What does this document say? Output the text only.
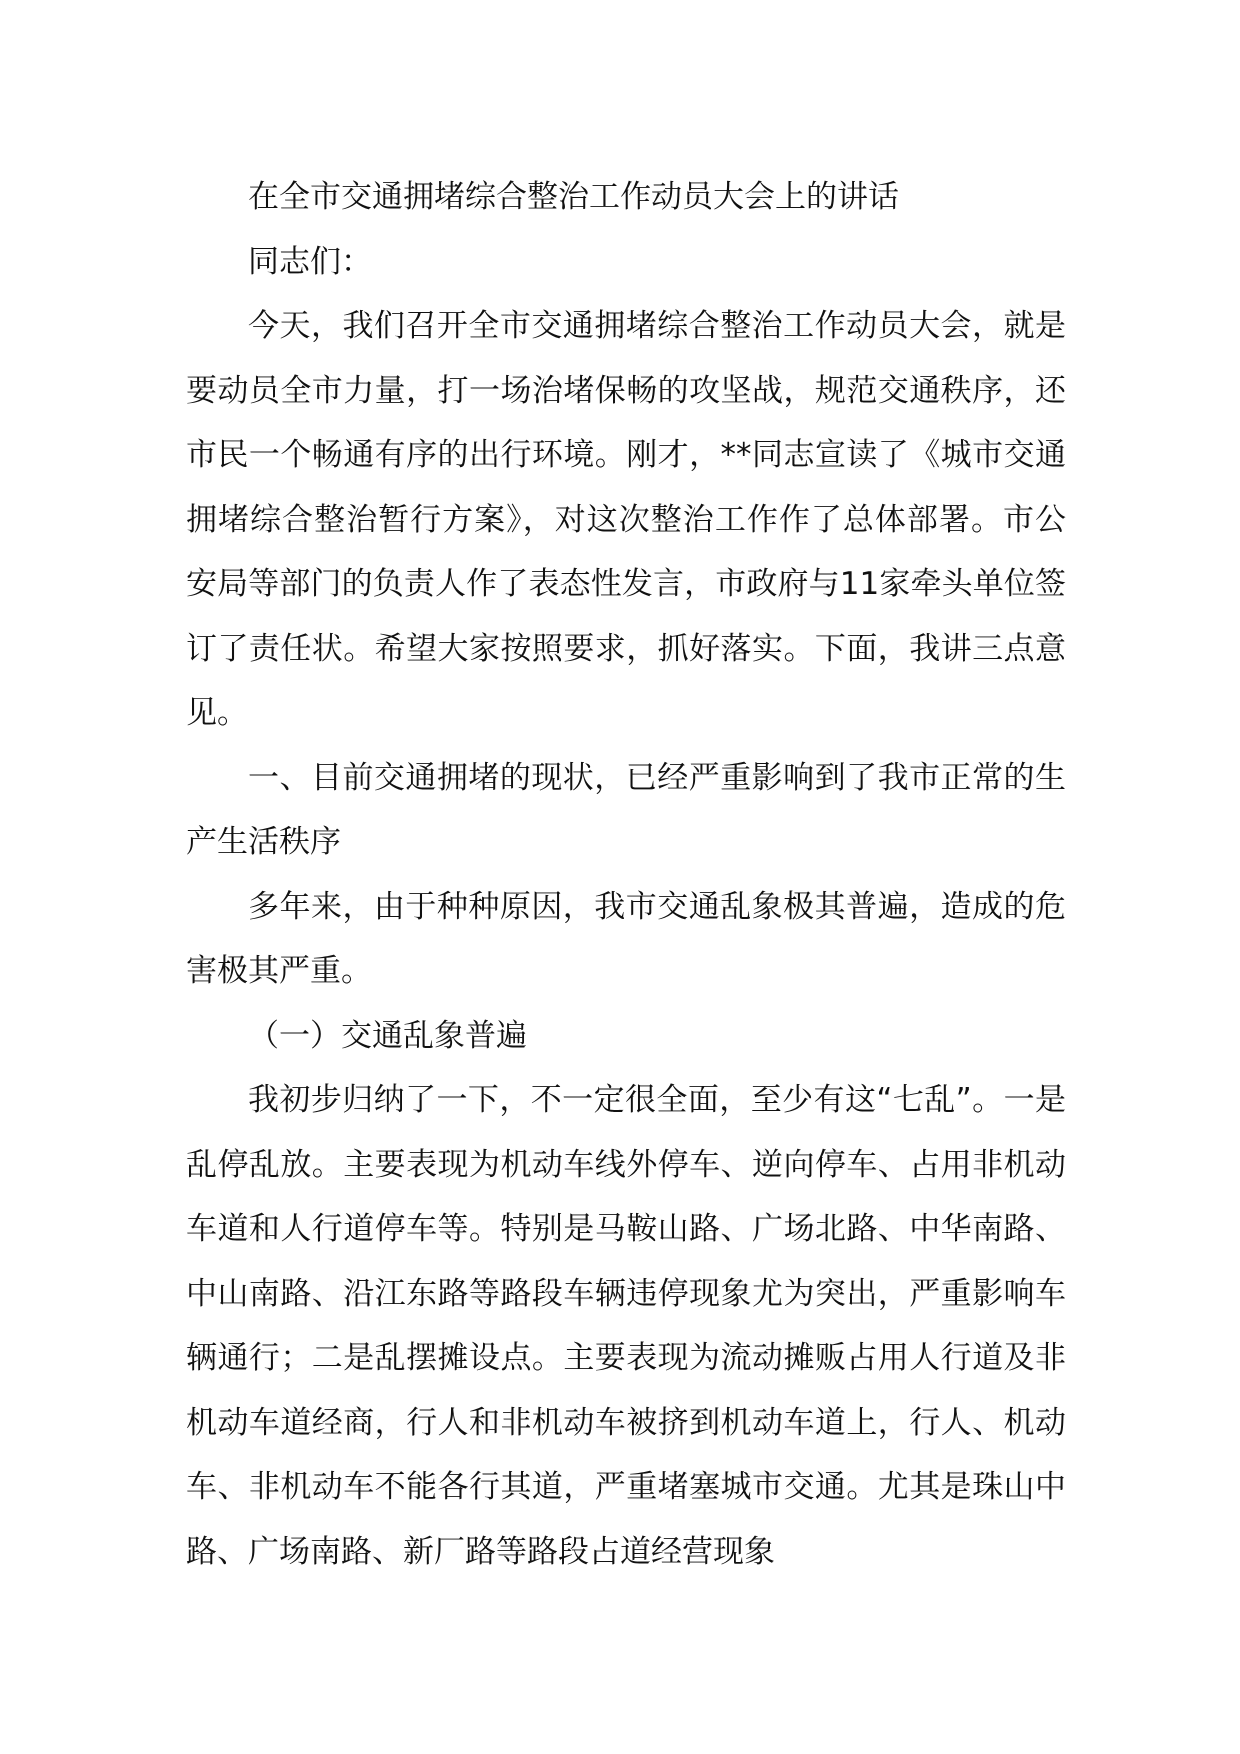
在全市交通拥堵综合整治工作动员大会上的讲话

同志们：

今天，我们召开全市交通拥堵综合整治工作动员大会，就是要动员全市力量，打一场治堵保畅的攻坚战，规范交通秩序，还市民一个畅通有序的出行环境。刚才，**同志宣读了《城市交通拥堵综合整治暂行方案》，对这次整治工作作了总体部署。市公安局等部门的负责人作了表态性发言，市政府与11家牵头单位签订了责任状。希望大家按照要求，抓好落实。下面，我讲三点意见。

一、目前交通拥堵的现状，已经严重影响到了我市正常的生产生活秩序

多年来，由于种种原因，我市交通乱象极其普遍，造成的危害极其严重。

（一）交通乱象普遍

我初步归纳了一下，不一定很全面，至少有这“七乱”。一是乱停乱放。主要表现为机动车线外停车、逆向停车、占用非机动车道和人行道停车等。特别是马鞍山路、广场北路、中华南路、中山南路、沿江东路等路段车辆违停现象尤为突出，严重影响车辆通行；二是乱摆摊设点。主要表现为流动摊贩占用人行道及非机动车道经商，行人和非机动车被挤到机动车道上，行人、机动车、非机动车不能各行其道，严重堵塞城市交通。尤其是珠山中路、广场南路、新厂路等路段占道经营现象
